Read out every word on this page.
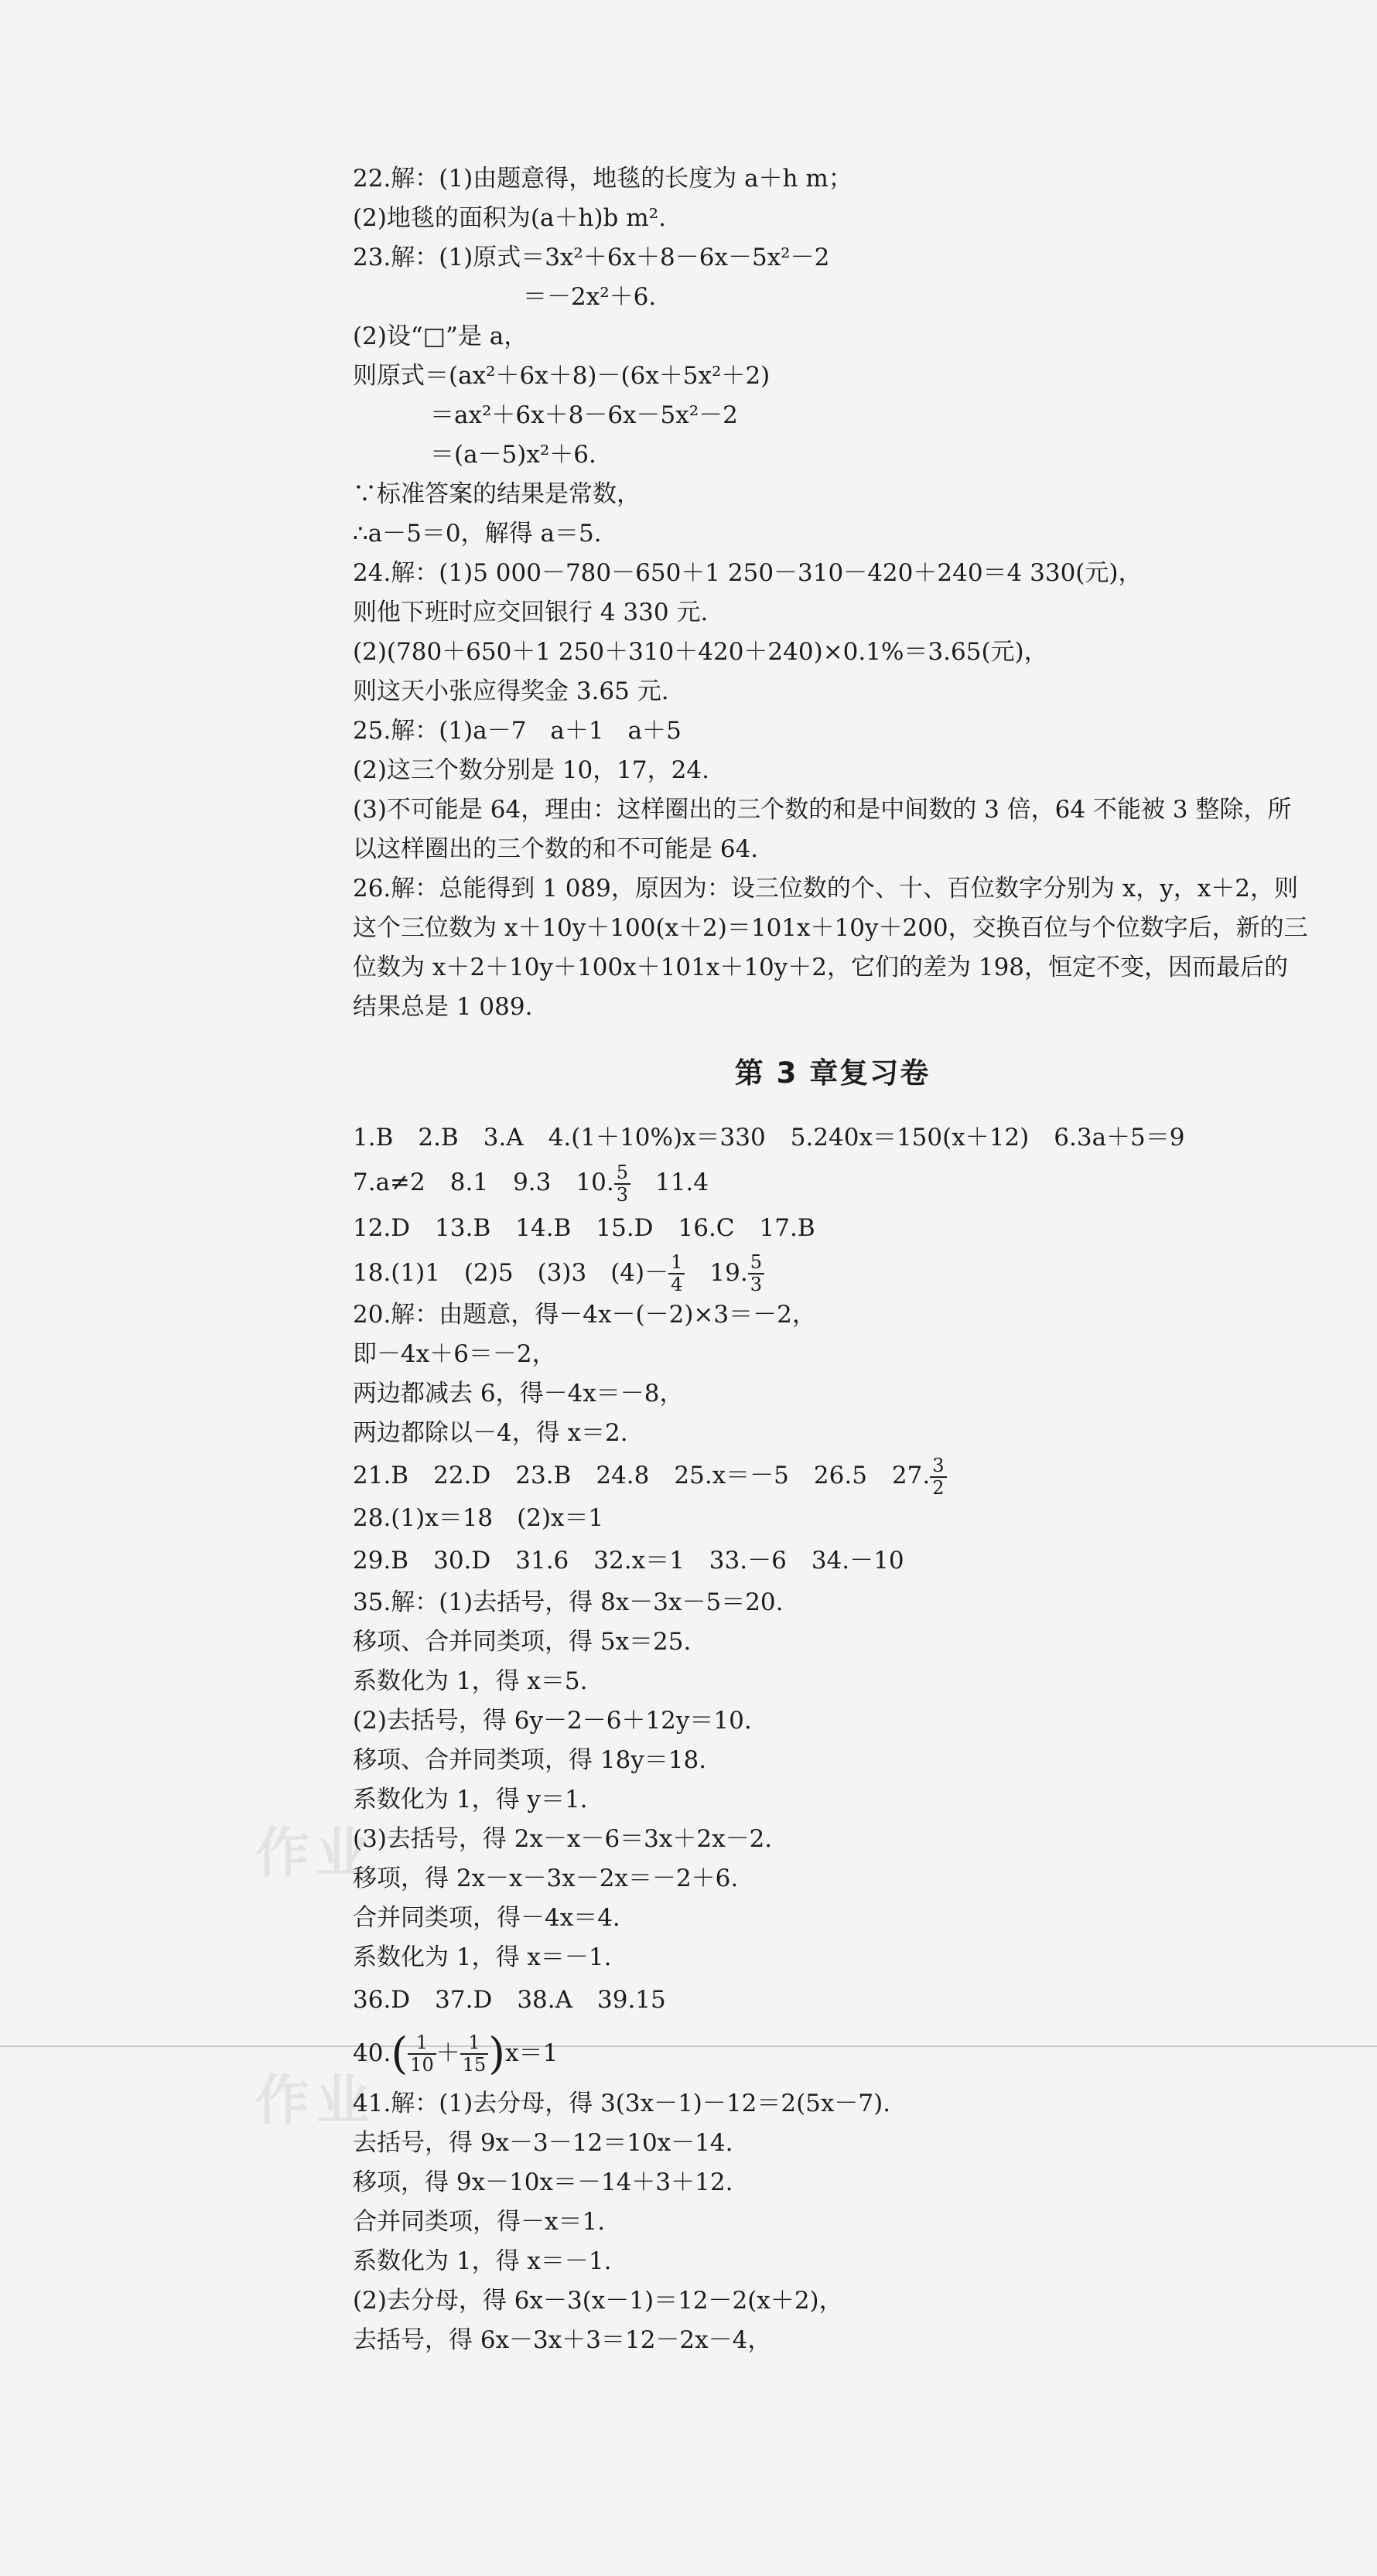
作业
作业
22.解：(1)由题意得，地毯的长度为 a＋h m；
(2)地毯的面积为(a＋h)b m².
23.解：(1)原式＝3x²＋6x＋8－6x－5x²－2
＝－2x²＋6.
(2)设“□”是 a，
则原式＝(ax²＋6x＋8)－(6x＋5x²＋2)
＝ax²＋6x＋8－6x－5x²－2
＝(a－5)x²＋6.
∵标准答案的结果是常数，
∴a－5＝0，解得 a＝5.
24.解：(1)5 000－780－650＋1 250－310－420＋240＝4 330(元)，
则他下班时应交回银行 4 330 元.
(2)(780＋650＋1 250＋310＋420＋240)×0.1%＝3.65(元)，
则这天小张应得奖金 3.65 元.
25.解：(1)a－7　a＋1　a＋5
(2)这三个数分别是 10，17，24.
(3)不可能是 64，理由：这样圈出的三个数的和是中间数的 3 倍，64 不能被 3 整除，所以这样圈出的三个数的和不可能是 64.
26.解：总能得到 1 089，原因为：设三位数的个、十、百位数字分别为 x，y，x＋2，则这个三位数为 x＋10y＋100(x＋2)＝101x＋10y＋200，交换百位与个位数字后，新的三位数为 x＋2＋10y＋100x＋101x＋10y＋2，它们的差为 198，恒定不变，因而最后的结果总是 1 089.
第 3 章复习卷
1.B 2.B 3.A 4.(1＋10%)x＝330 5.240x＝150(x＋12) 6.3a＋5＝9
7.a≠2 8.1 9.3 10. $\frac{5}{3} 11.4$
12.D 13.B 14.B 15.D 16.C 17.B
18.(1)1　(2)5　(3)3　$(4)- \frac{1}{4} 19$. $\frac{5}{3}$
20.解：由题意，得－4x－(－2)×3＝－2，
即－4x＋6＝－2，
两边都减去 6，得－4x＝－8，
两边都除以－4，得 x＝2.
21.B 22.D 23.B 24.8 25.x＝－5 26.5 27. $\frac{3}{2}$
28.(1)x＝18　(2)x＝1
29.B 30.D 31.6 32.x＝1 33.－6 34.－10
35.解：(1)去括号，得 8x－3x－5＝20.
移项、合并同类项，得 5x＝25.
系数化为 1，得 x＝5.
(2)去括号，得 6y－2－6＋12y＝10.
移项、合并同类项，得 18y＝18.
系数化为 1，得 y＝1.
(3)去括号，得 2x－x－6＝3x＋2x－2.
移项，得 2x－x－3x－2x＝－2＋6.
合并同类项，得－4x＝4.
系数化为 1，得 x＝－1.
36.D 37.D 38.A 39.15
$40.( \frac{1}{10} + \frac{1}{15} )x=1$
41.解：(1)去分母，得 3(3x－1)－12＝2(5x－7).
去括号，得 9x－3－12＝10x－14.
移项，得 9x－10x＝－14＋3＋12.
合并同类项，得－x＝1.
系数化为 1，得 x＝－1.
(2)去分母，得 6x－3(x－1)＝12－2(x＋2)，
去括号，得 6x－3x＋3＝12－2x－4，
